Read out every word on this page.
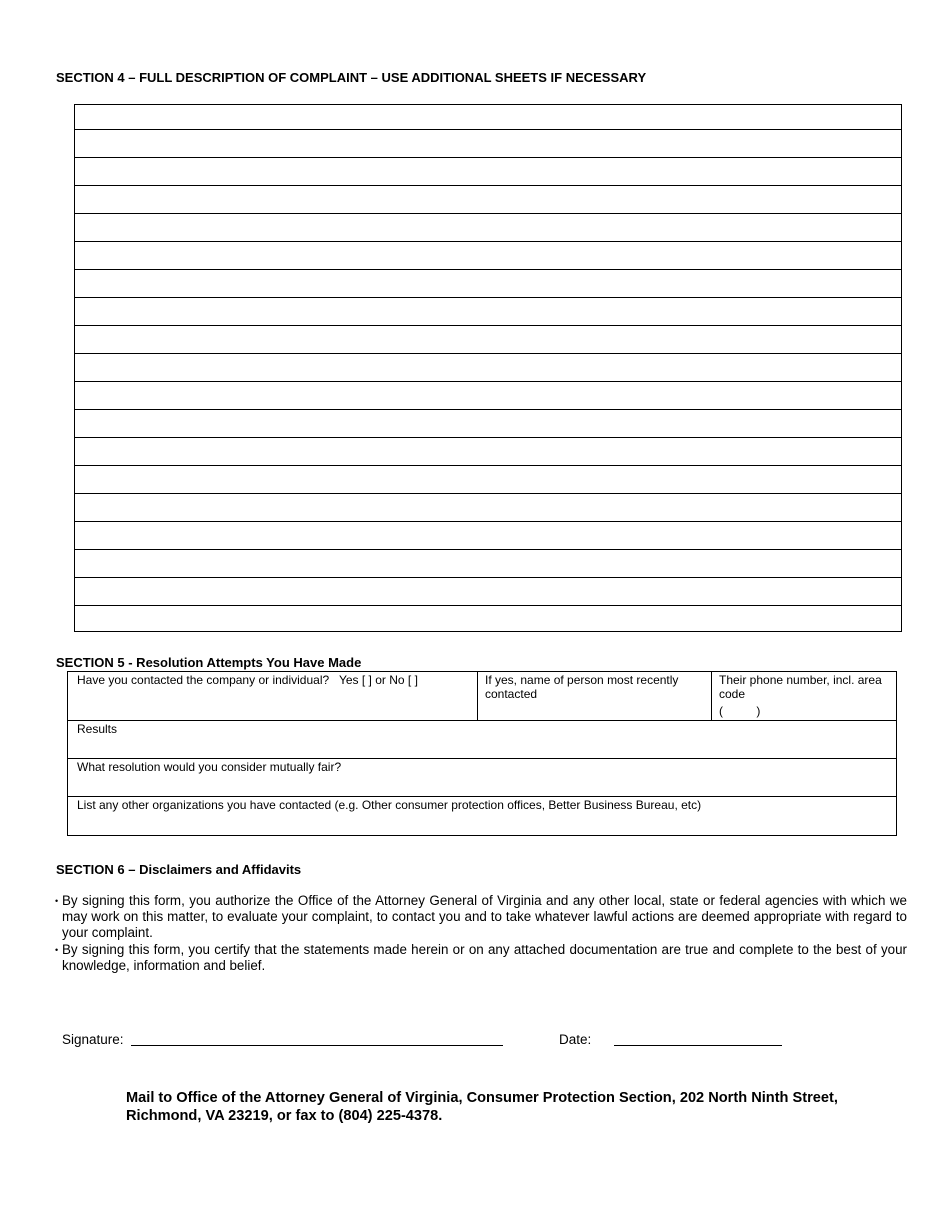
SECTION 4 – FULL DESCRIPTION OF COMPLAINT – USE ADDITIONAL SHEETS IF NECESSARY
SECTION 5 - Resolution Attempts You Have Made
Have you contacted the company or individual? Yes [ ] or No [ ]	If yes, name of person most recently contacted
Their phone number, incl. area code
(          )
Results
What resolution would you consider mutually fair?
List any other organizations you have contacted (e.g. Other consumer protection offices, Better Business Bureau, etc)
SECTION 6 – Disclaimers and Affidavits
• By signing this form, you authorize the Office of the Attorney General of Virginia and any other local, state or federal agencies with which we may work on this matter, to evaluate your complaint, to contact you and to take whatever lawful actions are deemed appropriate with regard to your complaint.
• By signing this form, you certify that the statements made herein or on any attached documentation are true and complete to the best of your knowledge, information and belief.
Signature:	Date:
Mail to Office of the Attorney General of Virginia, Consumer Protection Section, 202 North Ninth Street,
Richmond, VA 23219, or fax to (804) 225-4378.
